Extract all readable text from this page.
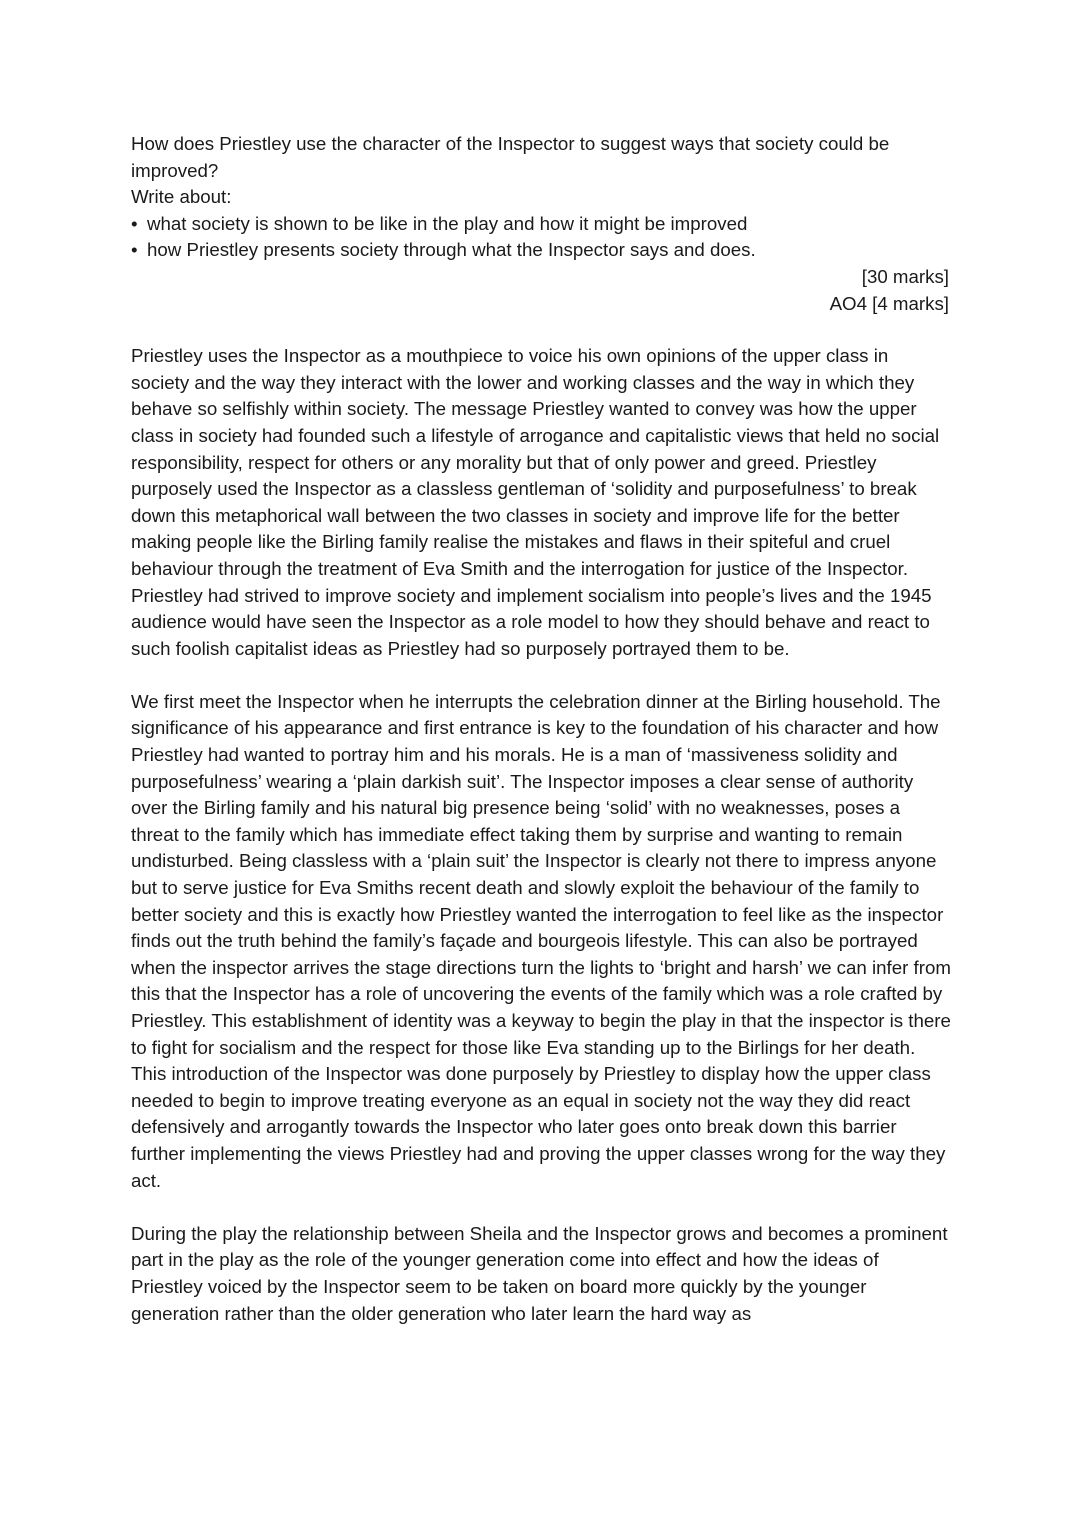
How does Priestley use the character of the Inspector to suggest ways that society could be improved?

Write about:

• what society is shown to be like in the play and how it might be improved
• how Priestley presents society through what the Inspector says and does.
[30 marks]
AO4 [4 marks]

Priestley uses the Inspector as a mouthpiece to voice his own opinions of the upper class in society and the way they interact with the lower and working classes and the way in which they behave so selfishly within society. The message Priestley wanted to convey was how the upper class in society had founded such a lifestyle of arrogance and capitalistic views that held no social responsibility, respect for others or any morality but that of only power and greed. Priestley purposely used the Inspector as a classless gentleman of ‘solidity and purposefulness’ to break down this metaphorical wall between the two classes in society and improve life for the better making people like the Birling family realise the mistakes and flaws in their spiteful and cruel behaviour through the treatment of Eva Smith and the interrogation for justice of the Inspector. Priestley had strived to improve society and implement socialism into people’s lives and the 1945 audience would have seen the Inspector as a role model to how they should behave and react to such foolish capitalist ideas as Priestley had so purposely portrayed them to be.

We first meet the Inspector when he interrupts the celebration dinner at the Birling household. The significance of his appearance and first entrance is key to the foundation of his character and how Priestley had wanted to portray him and his morals. He is a man of ‘massiveness solidity and purposefulness’ wearing a ‘plain darkish suit’. The Inspector imposes a clear sense of authority over the Birling family and his natural big presence being ‘solid’ with no weaknesses, poses a threat to the family which has immediate effect taking them by surprise and wanting to remain undisturbed. Being classless with a ‘plain suit’ the Inspector is clearly not there to impress anyone but to serve justice for Eva Smiths recent death and slowly exploit the behaviour of the family to better society and this is exactly how Priestley wanted the interrogation to feel like as the inspector finds out the truth behind the family’s façade and bourgeois lifestyle. This can also be portrayed when the inspector arrives the stage directions turn the lights to ‘bright and harsh’ we can infer from this that the Inspector has a role of uncovering the events of the family which was a role crafted by Priestley. This establishment of identity was a keyway to begin the play in that the inspector is there to fight for socialism and the respect for those like Eva standing up to the Birlings for her death. This introduction of the Inspector was done purposely by Priestley to display how the upper class needed to begin to improve treating everyone as an equal in society not the way they did react defensively and arrogantly towards the Inspector who later goes onto break down this barrier further implementing the views Priestley had and proving the upper classes wrong for the way they act.

During the play the relationship between Sheila and the Inspector grows and becomes a prominent part in the play as the role of the younger generation come into effect and how the ideas of Priestley voiced by the Inspector seem to be taken on board more quickly by the younger generation rather than the older generation who later learn the hard way as
